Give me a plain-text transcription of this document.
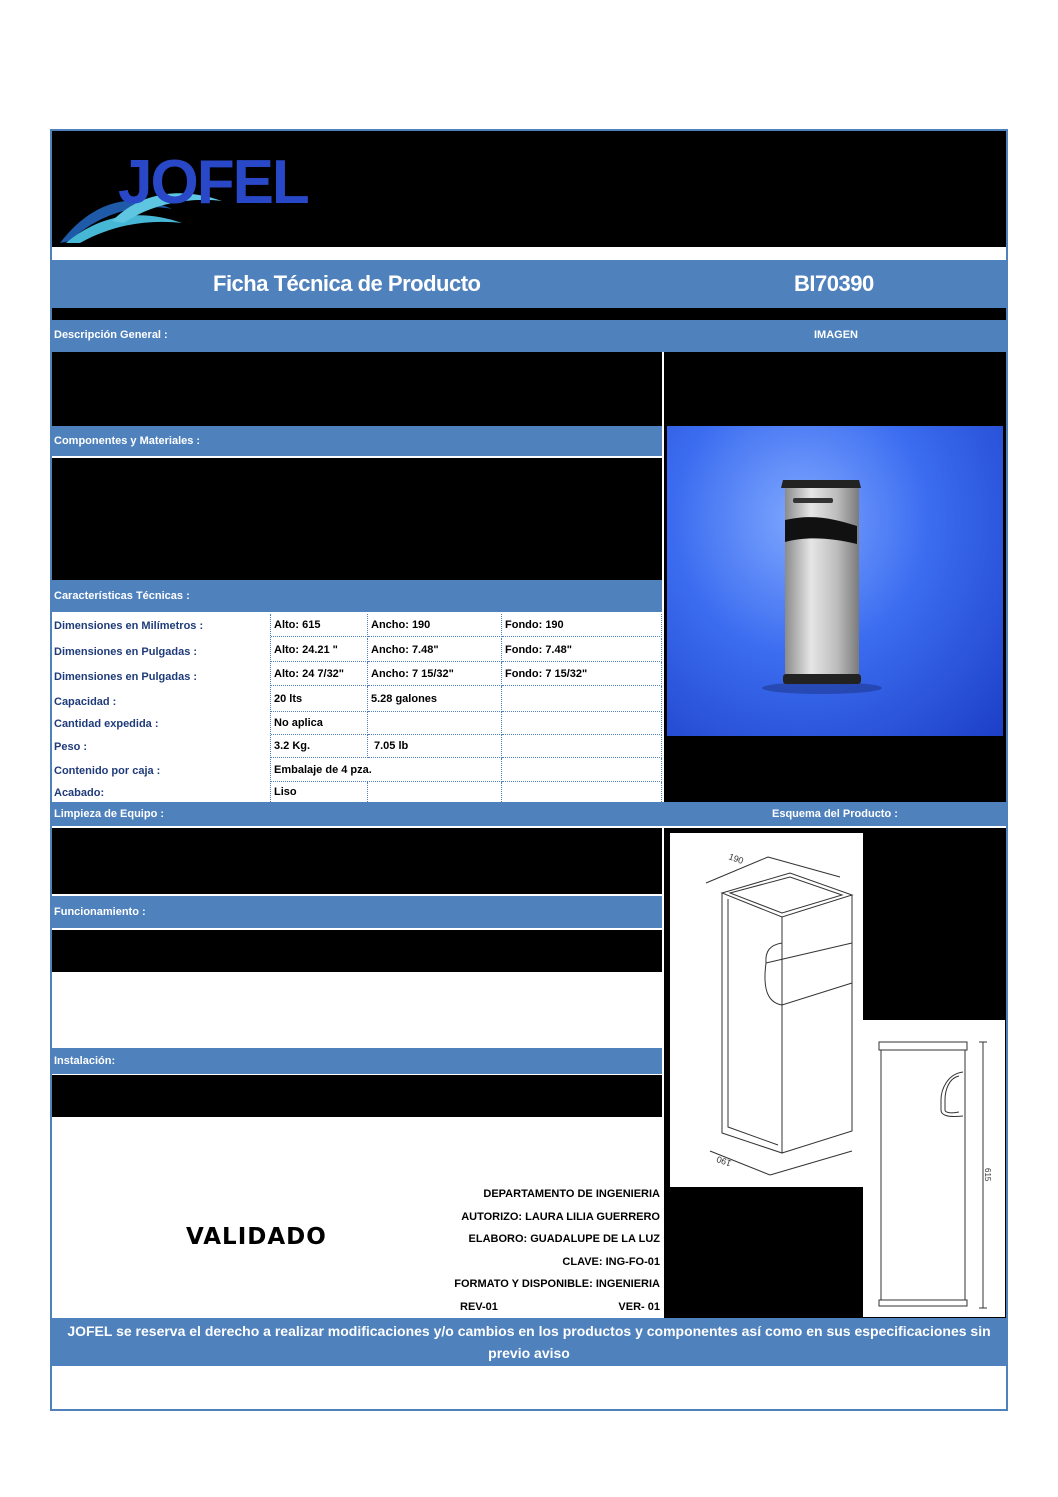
JOFEL
Ficha Técnica de Producto	BI70390
Descripción General :	IMAGEN
Componentes y Materiales :
Características Técnicas :
Dimensiones en Milímetros :	Alto: 615	Ancho: 190	Fondo: 190
Dimensiones en Pulgadas :	Alto: 24.21 "	Ancho: 7.48"	Fondo: 7.48"
Dimensiones en Pulgadas :	Alto: 24 7/32"	Ancho: 7 15/32"	Fondo: 7 15/32"
Capacidad :	20 lts	5.28 galones
Cantidad expedida :	No aplica
Peso :	3.2 Kg.	7.05 lb
Contenido por caja :	Embalaje de 4 pza.
Acabado:	Liso
Limpieza de Equipo :	Esquema del Producto :
Funcionamiento :
Instalación:
190
190
615
VALIDADO
DEPARTAMENTO DE INGENIERIA
AUTORIZO: LAURA LILIA GUERRERO
ELABORO: GUADALUPE DE LA LUZ
CLAVE: ING-FO-01
FORMATO Y DISPONIBLE: INGENIERIA
REV-01	VER- 01
JOFEL se reserva el derecho a realizar modificaciones y/o cambios en los productos y componentes así como en sus especificaciones sin previo aviso
